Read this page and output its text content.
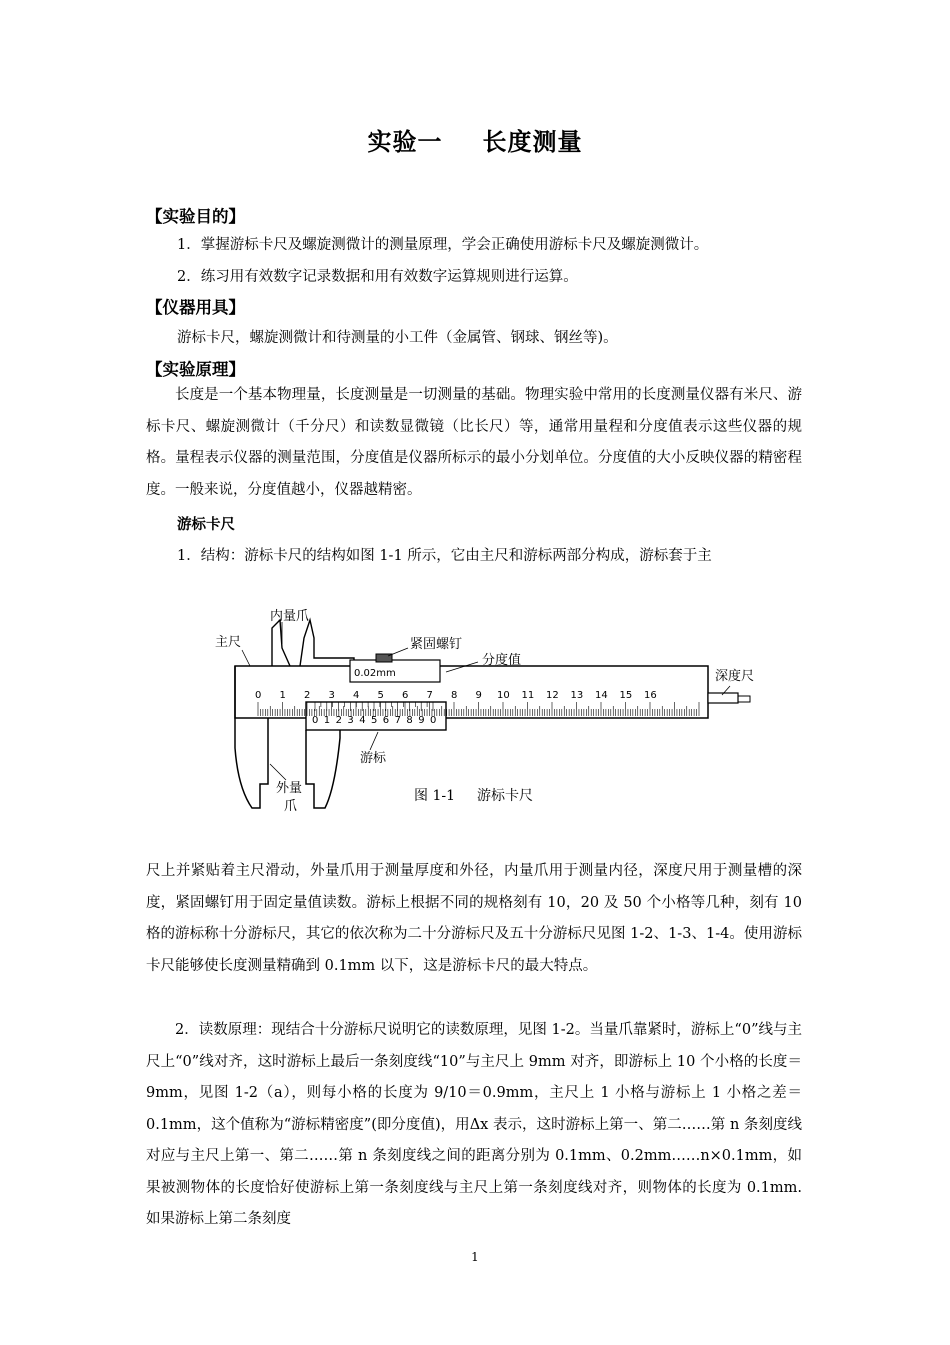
实验一 长度测量
【实验目的】
1．掌握游标卡尺及螺旋测微计的测量原理，学会正确使用游标卡尺及螺旋测微计。
2．练习用有效数字记录数据和用有效数字运算规则进行运算。
【仪器用具】
游标卡尺，螺旋测微计和待测量的小工件（金属管、钢球、钢丝等)。
【实验原理】
长度是一个基本物理量，长度测量是一切测量的基础。物理实验中常用的长度测量仪器有米尺、游标卡尺、螺旋测微计（千分尺）和读数显微镜（比长尺）等，通常用量程和分度值表示这些仪器的规格。量程表示仪器的测量范围，分度值是仪器所标示的最小分划单位。分度值的大小反映仪器的精密程度。一般来说，分度值越小，仪器越精密。
游标卡尺
1．结构：游标卡尺的结构如图 1-1 所示，它由主尺和游标两部分构成，游标套于主
0 1 2 3 4 5 6 7 8 9 10 11 12 13 14 15 16
0 1 2 3 4 5 6 7 8 9 0
内量爪
主尺	紧固螺钉
分度值
0.02mm	深度尺
游标
外量
爪
图 1-1 游标卡尺
尺上并紧贴着主尺滑动，外量爪用于测量厚度和外径，内量爪用于测量内径，深度尺用于测量槽的深度，紧固螺钉用于固定量值读数。游标上根据不同的规格刻有 10，20 及 50 个小格等几种，刻有 10 格的游标称十分游标尺，其它的依次称为二十分游标尺及五十分游标尺见图 1-2、1-3、1-4。使用游标卡尺能够使长度测量精确到 0.1mm 以下，这是游标卡尺的最大特点。
2．读数原理：现结合十分游标尺说明它的读数原理，见图 1-2。当量爪靠紧时，游标上“0”线与主尺上“0”线对齐，这时游标上最后一条刻度线“10”与主尺上 9mm 对齐，即游标上 10 个小格的长度＝9mm，见图 1-2（a），则每小格的长度为 9/10＝0.9mm，主尺上 1 小格与游标上 1 小格之差＝0.1mm，这个值称为“游标精密度”(即分度值)，用Δx 表示，这时游标上第一、第二……第 n 条刻度线对应与主尺上第一、第二……第 n 条刻度线之间的距离分别为 0.1mm、0.2mm……n×0.1mm，如果被测物体的长度恰好使游标上第一条刻度线与主尺上第一条刻度线对齐，则物体的长度为 0.1mm. 如果游标上第二条刻度
1
